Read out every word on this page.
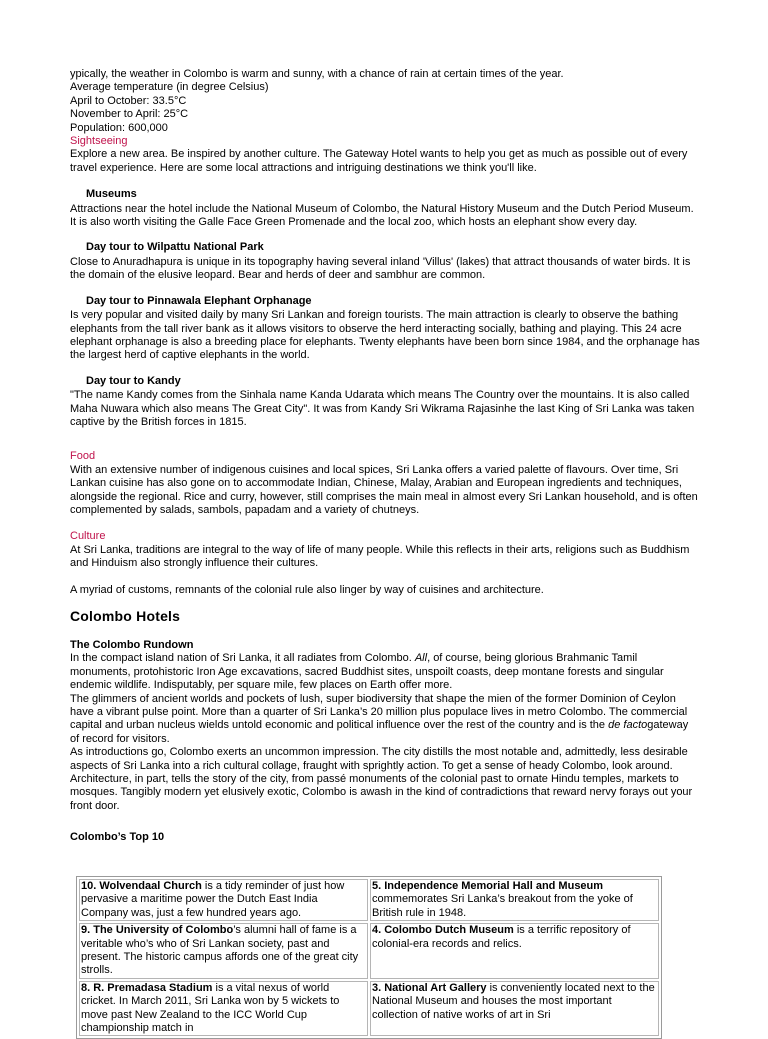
ypically, the weather in Colombo is warm and sunny, with a chance of rain at certain times of the year.

Average temperature (in degree Celsius)

April to October: 33.5°C

November to April: 25°C

Population: 600,000

Sightseeing

Explore a new area. Be inspired by another culture. The Gateway Hotel wants to help you get as much as possible out of every travel experience. Here are some local attractions and intriguing destinations we think you'll like.

Museums

Attractions near the hotel include the National Museum of Colombo, the Natural History Museum and the Dutch Period Museum. It is also worth visiting the Galle Face Green Promenade and the local zoo, which hosts an elephant show every day.

Day tour to Wilpattu National Park

Close to Anuradhapura is unique in its topography having several inland 'Villus' (lakes) that attract thousands of water birds. It is the domain of the elusive leopard. Bear and herds of deer and sambhur are common.

Day tour to Pinnawala Elephant Orphanage

Is very popular and visited daily by many Sri Lankan and foreign tourists. The main attraction is clearly to observe the bathing elephants from the tall river bank as it allows visitors to observe the herd interacting socially, bathing and playing. This 24 acre elephant orphanage is also a breeding place for elephants. Twenty elephants have been born since 1984, and the orphanage has the largest herd of captive elephants in the world.

Day tour to Kandy

"The name Kandy comes from the Sinhala name Kanda Udarata which means The Country over the mountains. It is also called Maha Nuwara which also means The Great City". It was from Kandy Sri Wikrama Rajasinhe the last King of Sri Lanka was taken captive by the British forces in 1815.

Food

With an extensive number of indigenous cuisines and local spices, Sri Lanka offers a varied palette of flavours. Over time, Sri Lankan cuisine has also gone on to accommodate Indian, Chinese, Malay, Arabian and European ingredients and techniques, alongside the regional. Rice and curry, however, still comprises the main meal in almost every Sri Lankan household, and is often complemented by salads, sambols, papadam and a variety of chutneys.

Culture

At Sri Lanka, traditions are integral to the way of life of many people. While this reflects in their arts, religions such as Buddhism and Hinduism also strongly influence their cultures.

A myriad of customs, remnants of the colonial rule also linger by way of cuisines and architecture.

Colombo Hotels

The Colombo Rundown

In the compact island nation of Sri Lanka, it all radiates from Colombo. All, of course, being glorious Brahmanic Tamil monuments, protohistoric Iron Age excavations, sacred Buddhist sites, unspoilt coasts, deep montane forests and singular endemic wildlife. Indisputably, per square mile, few places on Earth offer more.

The glimmers of ancient worlds and pockets of lush, super biodiversity that shape the mien of the former Dominion of Ceylon have a vibrant pulse point. More than a quarter of Sri Lanka’s 20 million plus populace lives in metro Colombo. The commercial capital and urban nucleus wields untold economic and political influence over the rest of the country and is the de factogateway of record for visitors.

As introductions go, Colombo exerts an uncommon impression. The city distills the most notable and, admittedly, less desirable aspects of Sri Lanka into a rich cultural collage, fraught with sprightly action. To get a sense of heady Colombo, look around. Architecture, in part, tells the story of the city, from passé monuments of the colonial past to ornate Hindu temples, markets to mosques. Tangibly modern yet elusively exotic, Colombo is awash in the kind of contradictions that reward nervy forays out your front door.

Colombo’s Top 10

10. Wolvendaal Church is a tidy reminder of just how pervasive a maritime power the Dutch East India Company was, just a few hundred years ago.	5. Independence Memorial Hall and Museum commemorates Sri Lanka’s breakout from the yoke of British rule in 1948.
9. The University of Colombo’s alumni hall of fame is a veritable who’s who of Sri Lankan society, past and present. The historic campus affords one of the great city strolls.	4. Colombo Dutch Museum is a terrific repository of colonial-era records and relics.
8. R. Premadasa Stadium is a vital nexus of world cricket. In March 2011, Sri Lanka won by 5 wickets to move past New Zealand to the ICC World Cup championship match in	3. National Art Gallery is conveniently located next to the National Museum and houses the most important collection of native works of art in Sri
